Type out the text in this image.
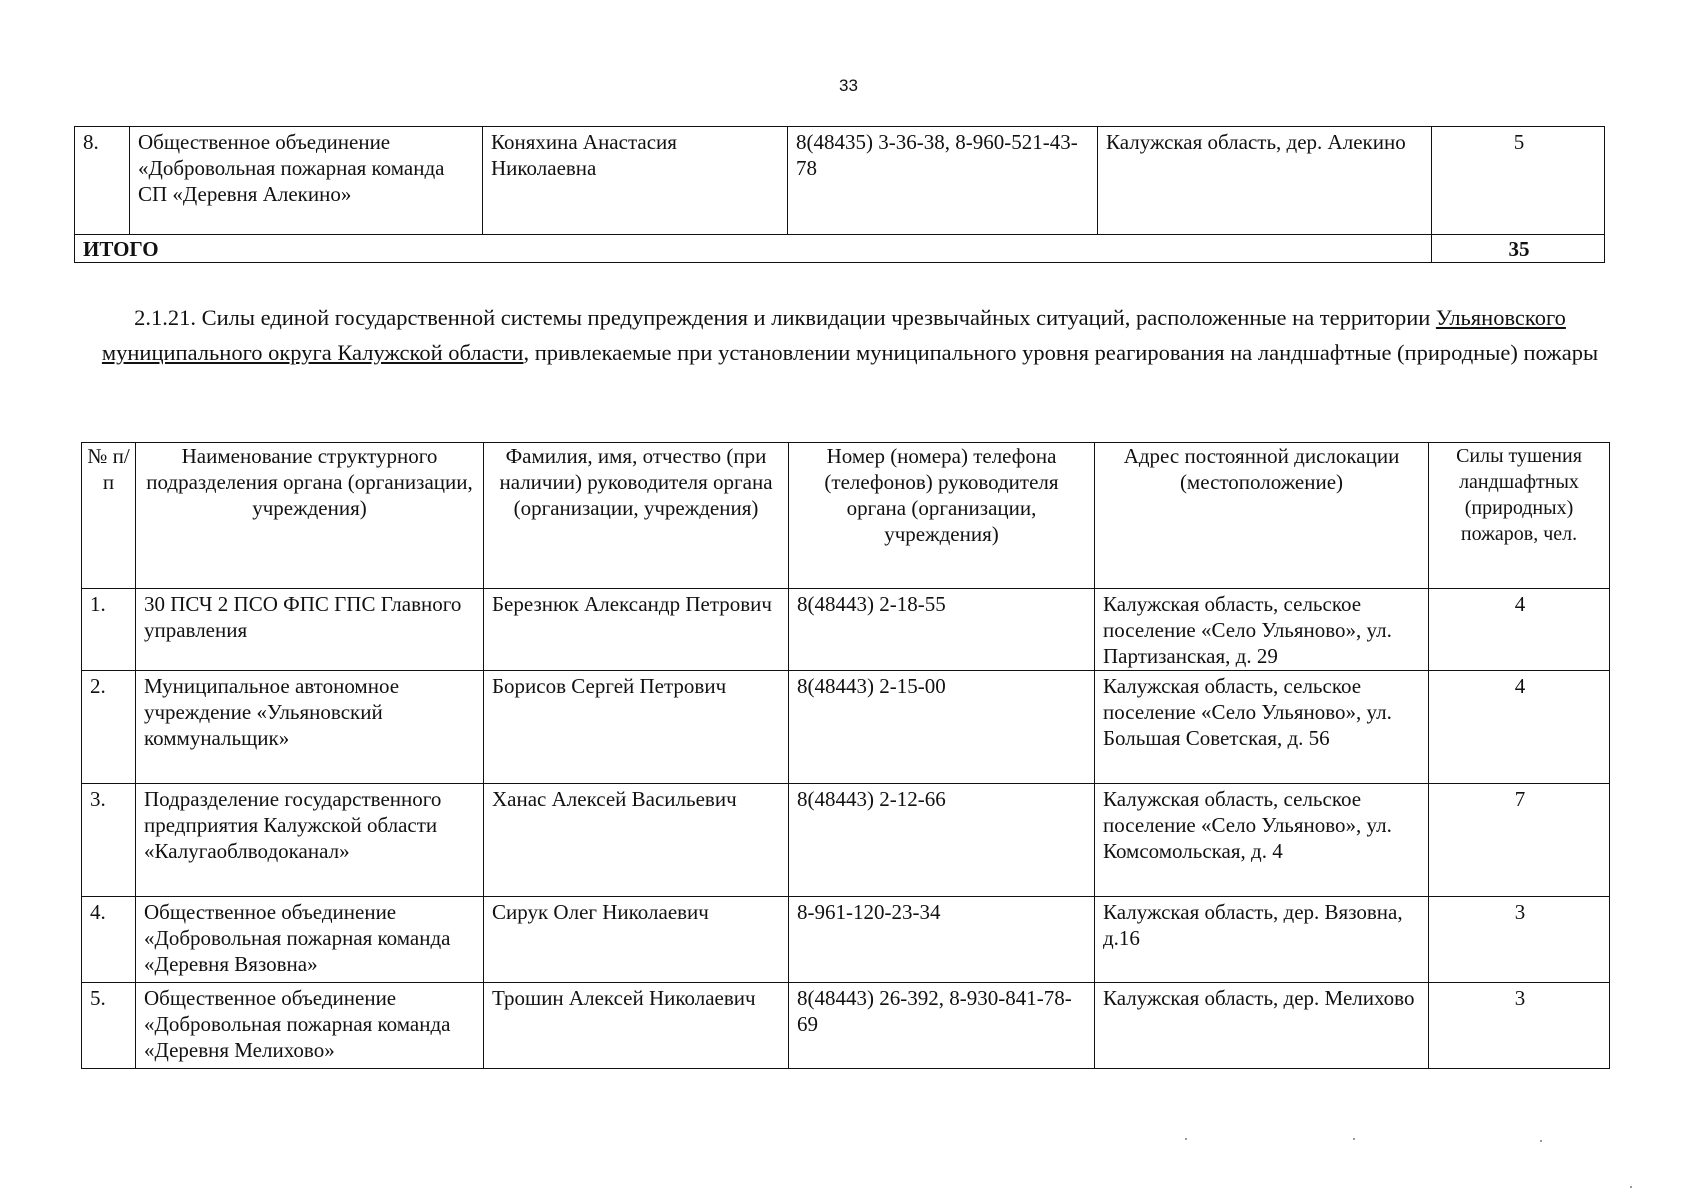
33
8.	Общественное объединение «Добровольная пожарная команда СП «Деревня Алекино»	Коняхина Анастасия Николаевна	8(48435) 3-36-38, 8-960-521-43-78	Калужская область, дер. Алекино	5
ИТОГО					35
2.1.21. Силы единой государственной системы предупреждения и ликвидации чрезвычайных ситуаций, расположенные на территории Ульяновского муниципального округа Калужской области, привлекаемые при установлении муниципального уровня реагирования на ландшафтные (природные) пожары
№ п/п	Наименование структурного подразделения органа (организации, учреждения)	Фамилия, имя, отчество (при наличии) руководителя органа (организации, учреждения)	Номер (номера) телефона (телефонов) руководителя органа (организации, учреждения)	Адрес постоянной дислокации (местоположение)	Силы тушения ландшафтных (природных) пожаров, чел.
1.	30 ПСЧ 2 ПСО ФПС ГПС Главного управления	Березнюк Александр Петрович	8(48443) 2-18-55	Калужская область, сельское поселение «Село Ульяново», ул. Партизанская, д. 29	4
2.	Муниципальное автономное учреждение «Ульяновский коммунальщик»	Борисов Сергей Петрович	8(48443) 2-15-00	Калужская область, сельское поселение «Село Ульяново», ул. Большая Советская, д. 56	4
3.	Подразделение государственного предприятия Калужской области «Калугаоблводоканал»	Ханас Алексей Васильевич	8(48443) 2-12-66	Калужская область, сельское поселение «Село Ульяново», ул. Комсомольская, д. 4	7
4.	Общественное объединение «Добровольная пожарная команда «Деревня Вязовна»	Сирук Олег Николаевич	8-961-120-23-34	Калужская область, дер. Вязовна, д.16	3
5.	Общественное объединение «Добровольная пожарная команда «Деревня Мелихово»	Трошин Алексей Николаевич	8(48443) 26-392, 8-930-841-78-69	Калужская область, дер. Мелихово	3
